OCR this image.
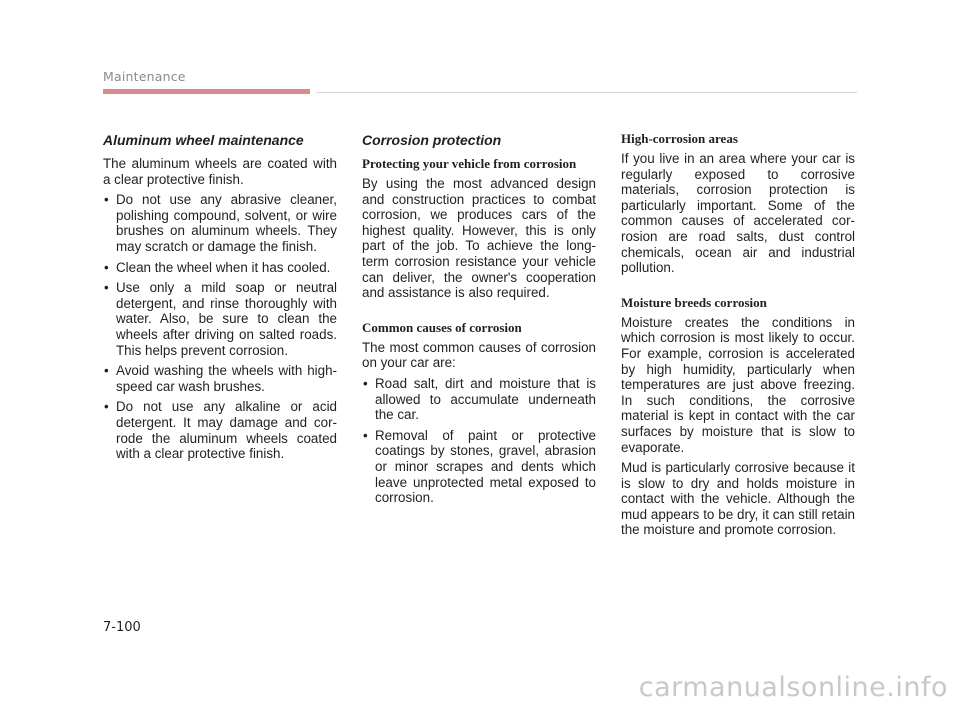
Maintenance
Aluminum wheel maintenance

The aluminum wheels are coated with a clear protective finish.

• Do not use any abrasive cleaner, polishing compound, solvent, or wire brushes on aluminum wheels. They may scratch or damage the finish.
• Clean the wheel when it has cooled.
• Use only a mild soap or neutral detergent, and rinse thoroughly with water. Also, be sure to clean the wheels after driving on salted roads. This helps prevent corrosion.
• Avoid washing the wheels with high-speed car wash brushes.
• Do not use any alkaline or acid detergent. It may damage and corrode the aluminum wheels coated with a clear protective finish.
Corrosion protection
Protecting your vehicle from corrosion

By using the most advanced design and construction practices to combat corrosion, we produces cars of the highest quality. However, this is only part of the job. To achieve the long-term corrosion resistance your vehicle can deliver, the owner's cooperation and assistance is also required.

Common causes of corrosion

The most common causes of corrosion on your car are:

• Road salt, dirt and moisture that is allowed to accumulate underneath the car.
• Removal of paint or protective coatings by stones, gravel, abrasion or minor scrapes and dents which leave unprotected metal exposed to corrosion.
High-corrosion areas

If you live in an area where your car is regularly exposed to corrosive materials, corrosion protection is particularly important. Some of the common causes of accelerated corrosion are road salts, dust control chemicals, ocean air and industrial pollution.

Moisture breeds corrosion

Moisture creates the conditions in which corrosion is most likely to occur. For example, corrosion is accelerated by high humidity, particularly when temperatures are just above freezing. In such conditions, the corrosive material is kept in contact with the car surfaces by moisture that is slow to evaporate.

Mud is particularly corrosive because it is slow to dry and holds moisture in contact with the vehicle. Although the mud appears to be dry, it can still retain the moisture and promote corrosion.

7-100
carmanualsonline.info
